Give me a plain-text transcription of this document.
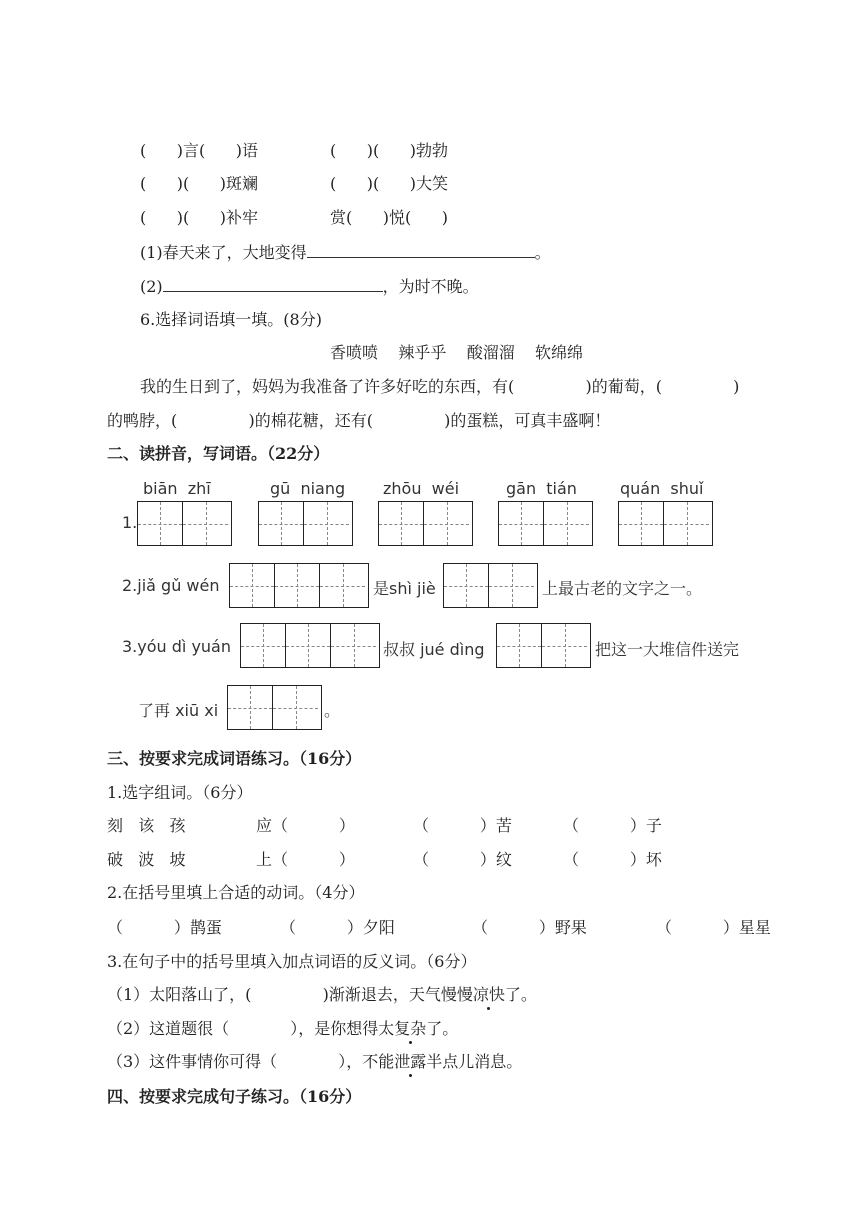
(      )言(      )语	(      )(      )勃勃
(      )(      )斑斓	(      )(      )大笑
(      )(      )补牢	赏(      )悦(      )
(1)春天来了，大地变得	。
(2)	，为时不晚。
6.选择词语填一填。(8分)
香喷喷    辣乎乎    酸溜溜    软绵绵
我的生日到了，妈妈为我准备了许多好吃的东西，有(              )的葡萄，(              )
的鸭脖，(              )的棉花糖，还有(              )的蛋糕，可真丰盛啊！
二、读拼音，写词语。（22分）
biān  zhī	gū  niang zhōu  wéi	gān  tián	quán  shuǐ
1.
2.jiǎ gǔ wén	是shì jiè	上最古老的文字之一。
3.yóu dì yuán	叔叔 jué dìng	把这一大堆信件送完
了再 xiū xi	。
三、按要求完成词语练习。（16分）
1.选字组词。（6分）
刻   该   孩	应（          ）	（          ）苦	（          ）子
破   波   坡	上（          ）	（          ）纹	（          ）坏
2.在括号里填上合适的动词。（4分）
（          ）鹊蛋	（          ）夕阳	（          ）野果	（          ）星星
3.在句子中的括号里填入加点词语的反义词。（6分）
（1）太阳落山了，(              )渐渐退去，天气慢慢凉快了。
（2）这道题很（            ），是你想得太复杂了。
（3）这件事情你可得（            ），不能泄露半点儿消息。
四、按要求完成句子练习。（16分）
